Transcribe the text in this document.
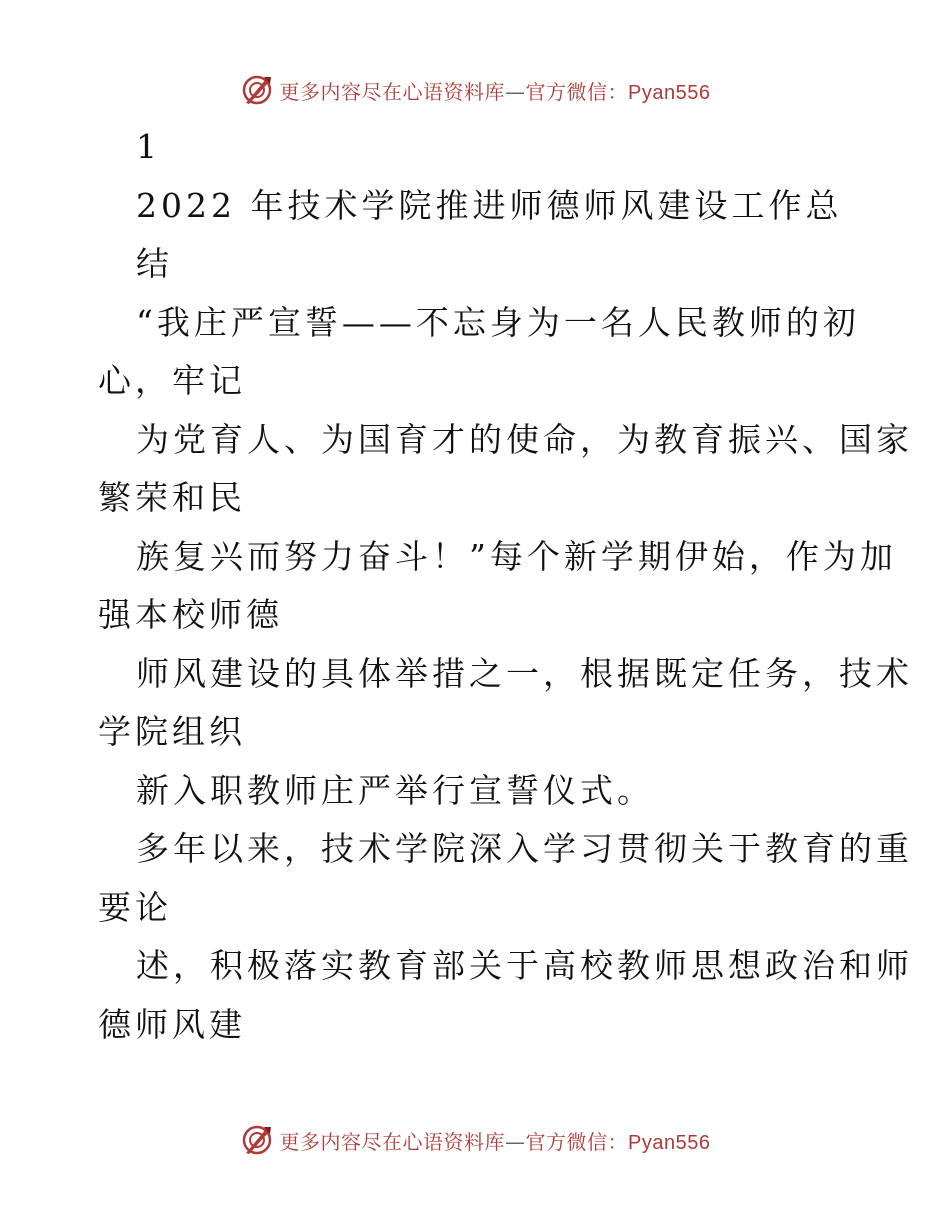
更多内容尽在心语资料库—官方微信：Pyan556
1
2022 年技术学院推进师德师风建设工作总
结
“我庄严宣誓——不忘身为一名人民教师的初
心，牢记
为党育人、为国育才的使命，为教育振兴、国家
繁荣和民
族复兴而努力奋斗！”每个新学期伊始，作为加
强本校师德
师风建设的具体举措之一，根据既定任务，技术
学院组织
新入职教师庄严举行宣誓仪式。
多年以来，技术学院深入学习贯彻关于教育的重
要论
述，积极落实教育部关于高校教师思想政治和师
德师风建
更多内容尽在心语资料库—官方微信：Pyan556
